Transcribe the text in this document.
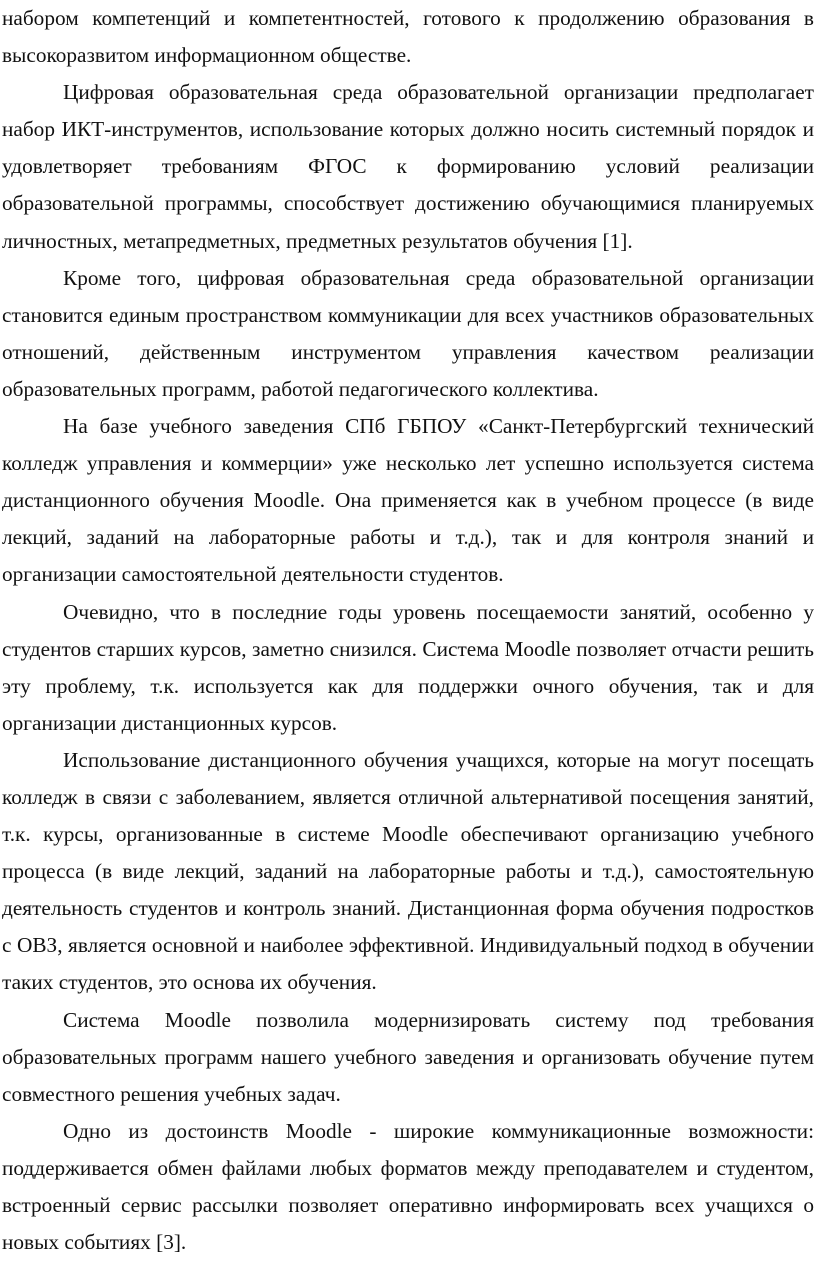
набором компетенций и компетентностей, готового к продолжению образования в высокоразвитом информационном обществе.

Цифровая образовательная среда образовательной организации предполагает набор ИКТ-инструментов, использование которых должно носить системный порядок и удовлетворяет требованиям ФГОС к формированию условий реализации образовательной программы, способствует достижению обучающимися планируемых личностных, метапредметных, предметных результатов обучения [1].

Кроме того, цифровая образовательная среда образовательной организации становится единым пространством коммуникации для всех участников образовательных отношений, действенным инструментом управления качеством реализации образовательных программ, работой педагогического коллектива.

На базе учебного заведения СПб ГБПОУ «Санкт-Петербургский технический колледж управления и коммерции» уже несколько лет успешно используется система дистанционного обучения Moodle. Она применяется как в учебном процессе (в виде лекций, заданий на лабораторные работы и т.д.), так и для контроля знаний и организации самостоятельной деятельности студентов.

Очевидно, что в последние годы уровень посещаемости занятий, особенно у студентов старших курсов, заметно снизился. Система Moodle позволяет отчасти решить эту проблему, т.к. используется как для поддержки очного обучения, так и для организации дистанционных курсов.

Использование дистанционного обучения учащихся, которые на могут посещать колледж в связи с заболеванием, является отличной альтернативой посещения занятий, т.к. курсы, организованные в системе Moodle обеспечивают организацию учебного процесса (в виде лекций, заданий на лабораторные работы и т.д.), самостоятельную деятельность студентов и контроль знаний. Дистанционная форма обучения подростков с ОВЗ, является основной и наиболее эффективной. Индивидуальный подход в обучении таких студентов, это основа их обучения.

Система Moodle позволила модернизировать систему под требования образовательных программ нашего учебного заведения и организовать обучение путем совместного решения учебных задач.

Одно из достоинств Moodle - широкие коммуникационные возможности: поддерживается обмен файлами любых форматов между преподавателем и студентом, встроенный сервис рассылки позволяет оперативно информировать всех учащихся о новых событиях [3].
